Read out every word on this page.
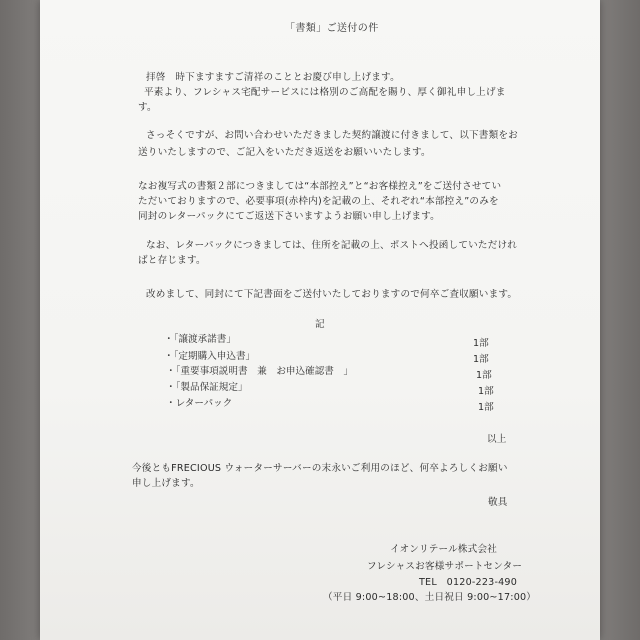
「書類」ご送付の件
拝啓　時下ますますご清祥のこととお慶び申し上げます。
平素より、フレシャス宅配サービスには格別のご高配を賜り、厚く御礼申し上げま
す。
さっそくですが、お問い合わせいただきました契約譲渡に付きまして、以下書類をお
送りいたしますので、ご記入をいただき返送をお願いいたします。
なお複写式の書類２部につきましては“本部控え”と“お客様控え”をご送付させてい
ただいておりますので、必要事項(赤枠内)を記載の上、それぞれ“本部控え”のみを
同封のレターパックにてご返送下さいますようお願い申し上げます。
なお、レターパックにつきましては、住所を記載の上、ポストへ投函していただけれ
ばと存じます。
改めまして、同封にて下記書面をご送付いたしておりますので何卒ご査収願います。
記
・「譲渡承諾書」	1部
・「定期購入申込書」	1部
・「重要事項説明書　兼　お申込確認書　」	1部
・「製品保証規定」	1部
・レターパック	1部
以上
今後ともFRECIOUS ウォーターサーバーの末永いご利用のほど、何卒よろしくお願い
申し上げます。
敬具
イオンリテール株式会社
フレシャスお客様サポートセンター
TEL　0120-223-490
（平日 9:00~18:00、土日祝日 9:00~17:00）
